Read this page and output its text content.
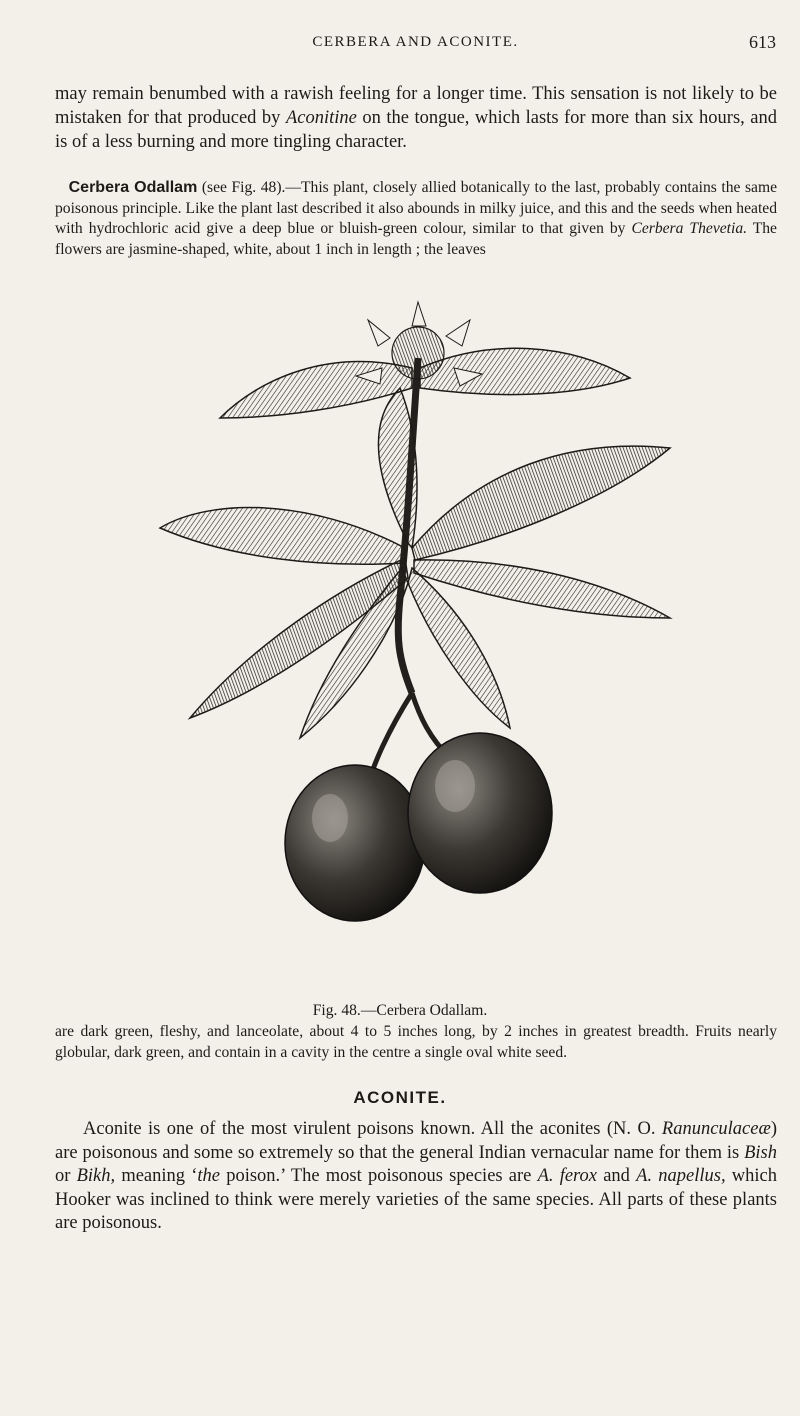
CERBERA AND ACONITE.	613
may remain benumbed with a rawish feeling for a longer time. This sensation is not likely to be mistaken for that produced by Aconitine on the tongue, which lasts for more than six hours, and is of a less burning and more tingling character.
Cerbera Odallam (see Fig. 48).—This plant, closely allied botanically to the last, probably contains the same poisonous principle. Like the plant last described it also abounds in milky juice, and this and the seeds when heated with hydrochloric acid give a deep blue or bluish-green colour, similar to that given by Cerbera Thevetia. The flowers are jasmine-shaped, white, about 1 inch in length ; the leaves
Fig. 48.—Cerbera Odallam.
are dark green, fleshy, and lanceolate, about 4 to 5 inches long, by 2 inches in greatest breadth. Fruits nearly globular, dark green, and contain in a cavity in the centre a single oval white seed.
ACONITE.
Aconite is one of the most virulent poisons known. All the aconites (N. O. Ranunculaceæ) are poisonous and some so extremely so that the general Indian vernacular name for them is Bish or Bikh, meaning ‘the poison.’ The most poisonous species are A. ferox and A. napellus, which Hooker was inclined to think were merely varieties of the same species. All parts of these plants are poisonous.
